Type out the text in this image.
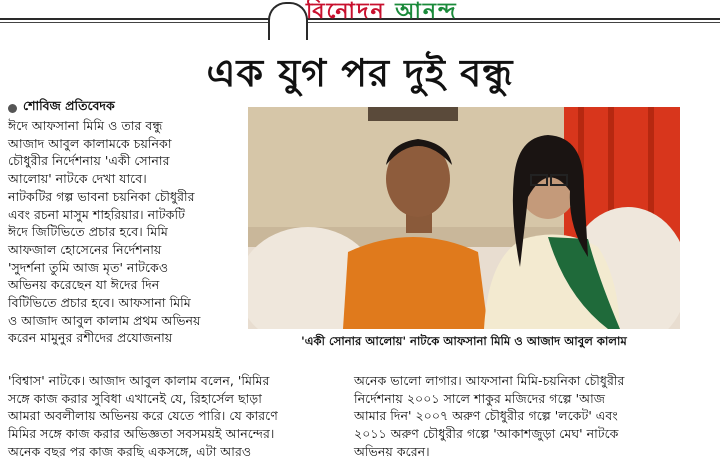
বিনোদন আনন্দ
এক যুগ পর দুই বন্ধু
শোবিজ প্রতিবেদক

ঈদে আফসানা মিমি ও তার বন্ধু

আজাদ আবুল কালামকে চয়নিকা

চৌধুরীর নির্দেশনায় 'একী সোনার

আলোয়' নাটকে দেখা যাবে।

নাটকটির গল্প ভাবনা চয়নিকা চৌধুরীর

এবং রচনা মাসুম শাহরিয়ার। নাটকটি

ঈদে জিটিভিতে প্রচার হবে। মিমি

আফজাল হোসেনের নির্দেশনায়

'সুদর্শনা তুমি আজ মৃত' নাটকেও

অভিনয় করেছেন যা ঈদের দিন

বিটিভিতে প্রচার হবে। আফসানা মিমি

ও আজাদ আবুল কালাম প্রথম অভিনয়

করেন মামুনুর রশীদের প্রযোজনায়	'একী সোনার আলোয়' নাটকে আফসানা মিমি ও আজাদ আবুল কালাম

'বিশ্বাস' নাটকে। আজাদ আবুল কালাম বলেন, 'মিমির

সঙ্গে কাজ করার সুবিধা এখানেই যে, রিহার্সেল ছাড়া

আমরা অবলীলায় অভিনয় করে যেতে পারি। যে কারণে

মিমির সঙ্গে কাজ করার অভিজ্ঞতা সবসময়ই আনন্দের।

অনেক বছর পর কাজ করছি একসঙ্গে, এটা আরও

অনেক ভালো লাগার। আফসানা মিমি-চয়নিকা চৌধুরীর

নির্দেশনায় ২০০১ সালে শাকুর মজিদের গল্পে 'আজ

আমার দিন' ২০০৭ অরুণ চৌধুরীর গল্পে 'লকেট' এবং

২০১১ অরুণ চৌধুরীর গল্পে 'আকাশজুড়া মেঘ' নাটকে

অভিনয় করেন।
